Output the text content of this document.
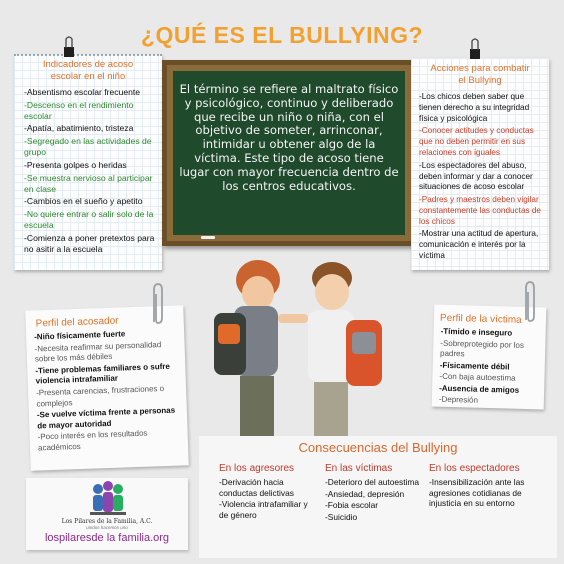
¿QUÉ ES EL BULLYING?
Indicadores de acoso
escolar en el niño
-Absentismo escolar frecuente
-Descenso en el rendimiento escolar
-Apatía, abatimiento, tristeza
-Segregado en las actividades de grupo
-Presenta golpes o heridas
-Se muestra nervioso al participar en clase
-Cambios en el sueño y apetito
-No quiere entrar o salir solo de la escuela
-Comienza a poner pretextos para no asitir a la escuela
El término se refiere al maltrato físico y psicológico, continuo y deliberado que recibe un niño o niña, con el objetivo de someter, arrinconar, intimidar u obtener algo de la víctima. Este tipo de acoso tiene lugar con mayor frecuencia dentro de los centros educativos.
Acciones para combatir
el Bullying
-Los chicos deben saber que tienen derecho a su integridad física y psicológica
-Conocer actitudes y conductas que no deben permitir en sus relaciones con iguales
-Los espectadores del abuso, deben informar y dar a conocer situaciones de acoso escolar
-Padres y maestros deben vigilar constantemente las conductas de los chicos
-Mostrar una actitud de apertura, comunicación e interés por la víctima
Perfil del acosador
-Niño físicamente fuerte
-Necesita reafirmar su personalidad sobre los más débiles
-Tiene problemas familiares o sufre violencia intrafamiliar
-Presenta carencias, frustraciones o complejos
-Se vuelve víctima frente a personas de mayor autoridad
-Poco interés en los resultados académicos
Perfil de la víctima
-Tímido e inseguro
-Sobreprotegido por los padres
-Físicamente débil
-Con baja autoestima
-Ausencia de amigos
-Depresión
Consecuencias del Bullying
En los agresores
-Derivación hacia conductas delictivas
-Violencia intrafamiliar y de género
En las víctimas
-Deterioro del autoestima
-Ansiedad, depresión
-Fobia escolar
-Suicidio
En los espectadores
-Insensibilización ante las agresiones cotidianas de injusticia en su entorno
Los Pilares de la Familia, A.C.
unidos hacemos uno
lospilaresde la familia.org
